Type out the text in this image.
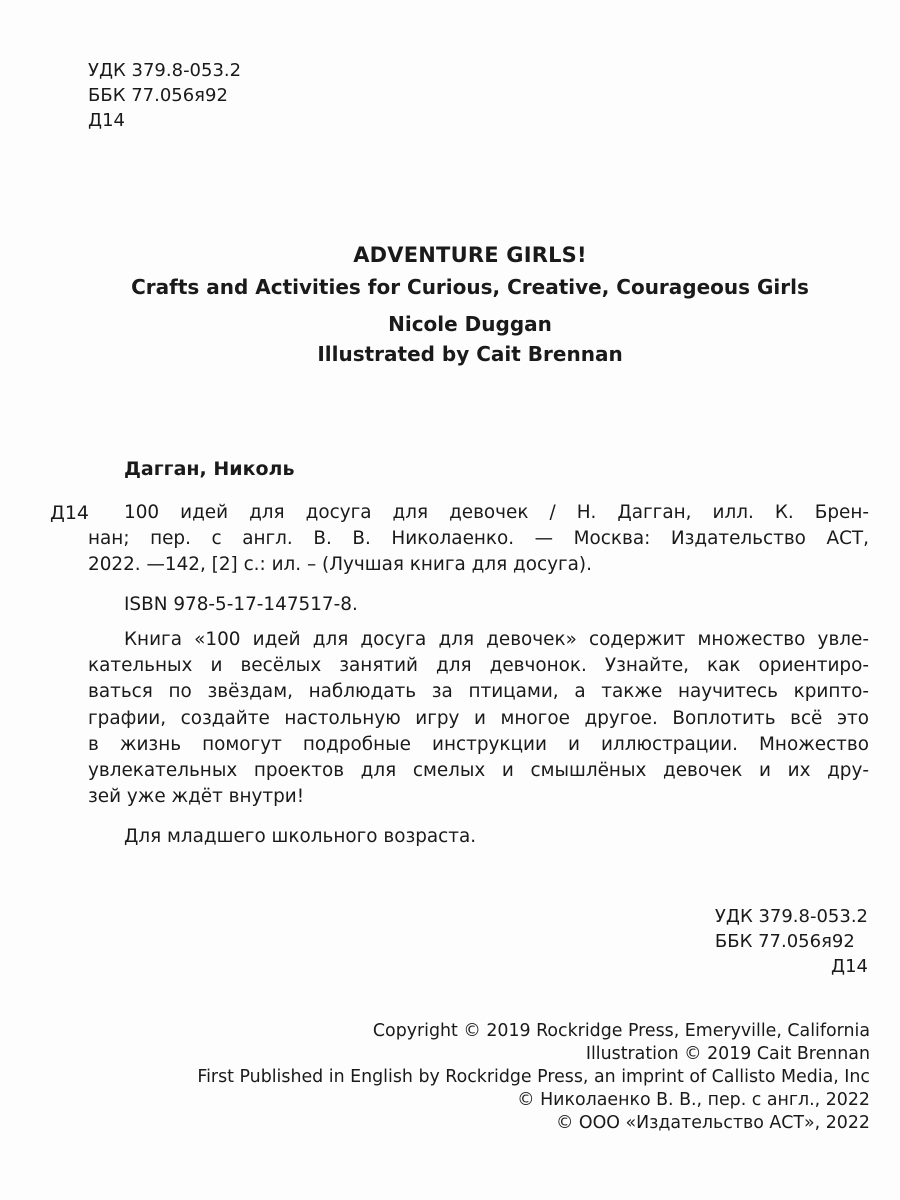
УДК 379.8-053.2
ББК 77.056я92
Д14
ADVENTURE GIRLS!
Crafts and Activities for Curious, Creative, Courageous Girls
Nicole Duggan
Illustrated by Cait Brennan
Дагган, Николь
Д14 100 идей для досуга для девочек / Н. Дагган, илл. К. Брен-
нан; пер. с англ. В. В. Николаенко. — Москва: Издательство АСТ,
2022. —142, [2] с.: ил. – (Лучшая книга для досуга).
ISBN 978-5-17-147517-8.
Книга «100 идей для досуга для девочек» содержит множество увле-
кательных и весёлых занятий для девчонок. Узнайте, как ориентиро-
ваться по звёздам, наблюдать за птицами, а также научитесь крипто-
графии, создайте настольную игру и многое другое. Воплотить всё это
в жизнь помогут подробные инструкции и иллюстрации. Множество
увлекательных проектов для смелых и смышлёных девочек и их дру-
зей уже ждёт внутри!
Для младшего школьного возраста.
УДК 379.8-053.2
ББК 77.056я92
Д14
Copyright © 2019 Rockridge Press, Emeryville, California
Illustration © 2019 Cait Brennan
First Published in English by Rockridge Press, an imprint of Callisto Media, Inc
© Николаенко В. В., пер. с англ., 2022
© ООО «Издательство АСТ», 2022
